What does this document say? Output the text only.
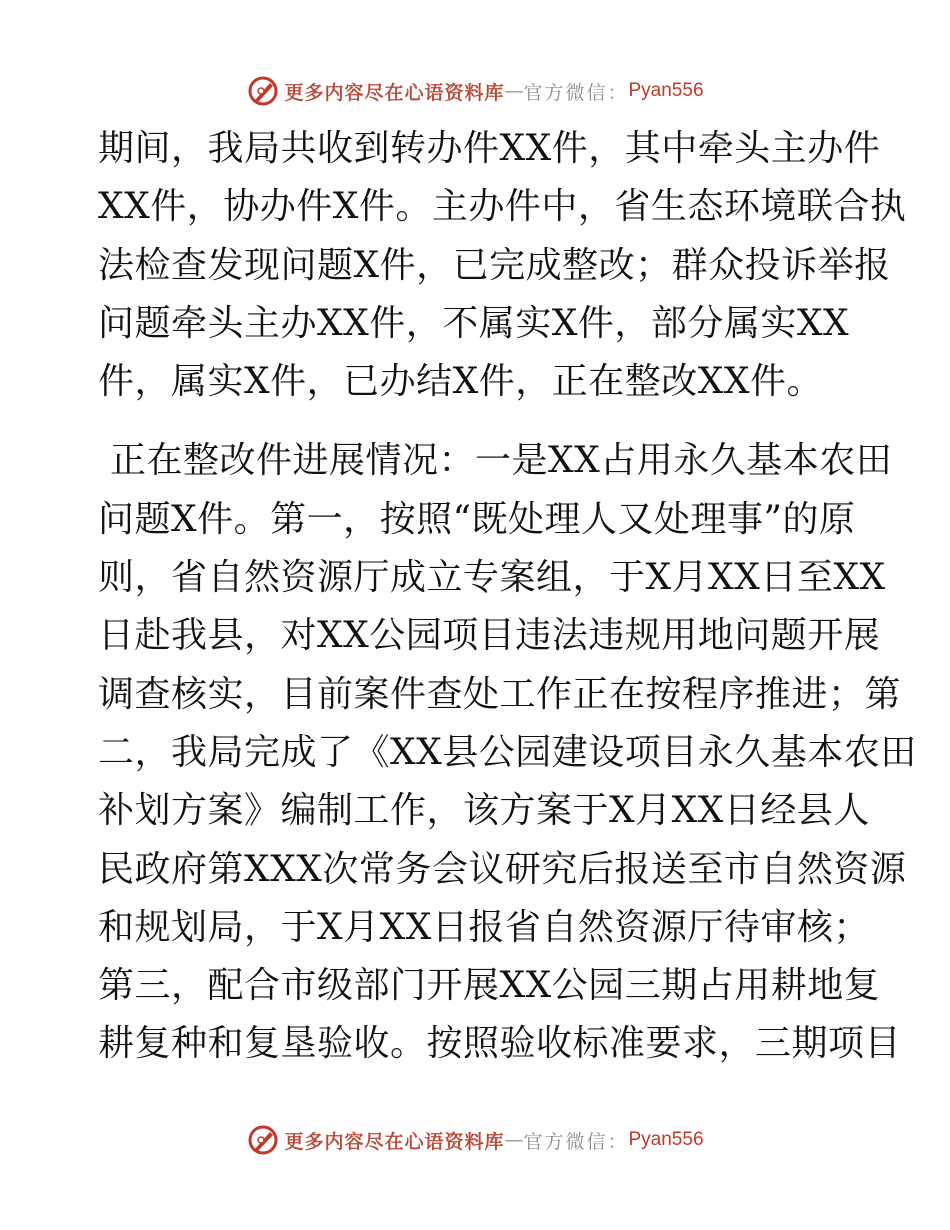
更多内容尽在心语资料库 — 官方微信： Pyan556
期间，我局共收到转办件XX件，其中牵头主办件
XX件，协办件X件。主办件中，省生态环境联合执
法检查发现问题X件，已完成整改；群众投诉举报
问题牵头主办XX件，不属实X件，部分属实XX
件，属实X件，已办结X件，正在整改XX件。
正在整改件进展情况：一是XX占用永久基本农田
问题X件。第一，按照“既处理人又处理事”的原
则，省自然资源厅成立专案组，于X月XX日至XX
日赴我县，对XX公园项目违法违规用地问题开展
调查核实，目前案件查处工作正在按程序推进；第
二，我局完成了《XX县公园建设项目永久基本农田
补划方案》编制工作，该方案于X月XX日经县人
民政府第XXX次常务会议研究后报送至市自然资源
和规划局，于X月XX日报省自然资源厅待审核；
第三，配合市级部门开展XX公园三期占用耕地复
耕复种和复垦验收。按照验收标准要求，三期项目
更多内容尽在心语资料库 — 官方微信： Pyan556
